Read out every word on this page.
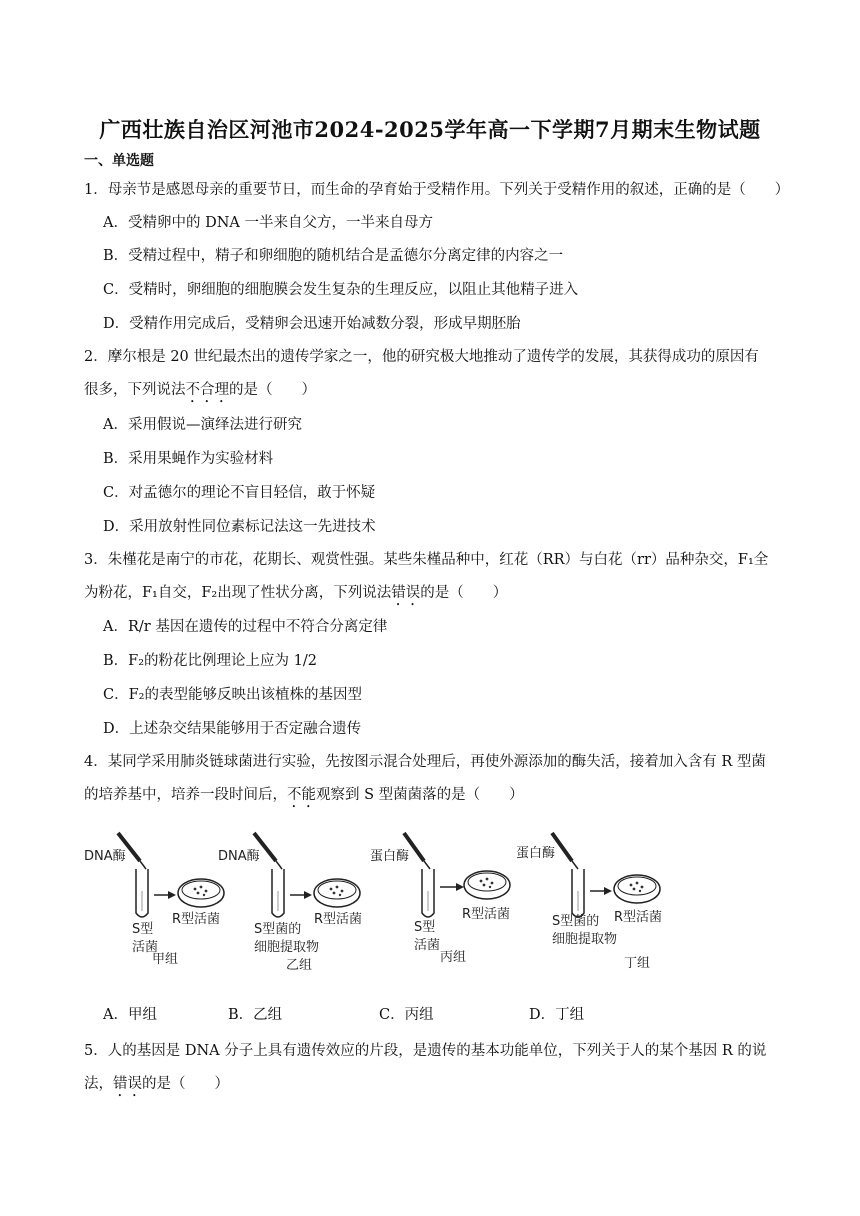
广西壮族自治区河池市2024-2025学年高一下学期7月期末生物试题
一、单选题
1．母亲节是感恩母亲的重要节日，而生命的孕育始于受精作用。下列关于受精作用的叙述，正确的是（　　）
A．受精卵中的 DNA 一半来自父方，一半来自母方
B．受精过程中，精子和卵细胞的随机结合是孟德尔分离定律的内容之一
C．受精时，卵细胞的细胞膜会发生复杂的生理反应，以阻止其他精子进入
D．受精作用完成后，受精卵会迅速开始减数分裂，形成早期胚胎
2．摩尔根是 20 世纪最杰出的遗传学家之一，他的研究极大地推动了遗传学的发展，其获得成功的原因有
很多，下列说法不合理的是（　　）
A．采用假说—演绎法进行研究
B．采用果蝇作为实验材料
C．对孟德尔的理论不盲目轻信，敢于怀疑
D．采用放射性同位素标记法这一先进技术
3．朱槿花是南宁的市花，花期长、观赏性强。某些朱槿品种中，红花（RR）与白花（rr）品种杂交，F₁全
为粉花，F₁自交，F₂出现了性状分离，下列说法错误的是（　　）
A．R/r 基因在遗传的过程中不符合分离定律
B．F₂的粉花比例理论上应为 1/2
C．F₂的表型能够反映出该植株的基因型
D．上述杂交结果能够用于否定融合遗传
4．某同学采用肺炎链球菌进行实验，先按图示混合处理后，再使外源添加的酶失活，接着加入含有 R 型菌
的培养基中，培养一段时间后，不能观察到 S 型菌菌落的是（　　）
DNA酶
R型活菌
S型
活菌
甲组
DNA酶
R型活菌
S型菌的
细胞提取物
乙组
蛋白酶
R型活菌
S型
活菌
丙组
蛋白酶
R型活菌
S型菌的
细胞提取物
丁组
A．甲组	B．乙组	C．丙组	D．丁组
5．人的基因是 DNA 分子上具有遗传效应的片段，是遗传的基本功能单位，下列关于人的某个基因 R 的说
法，错误的是（　　）
